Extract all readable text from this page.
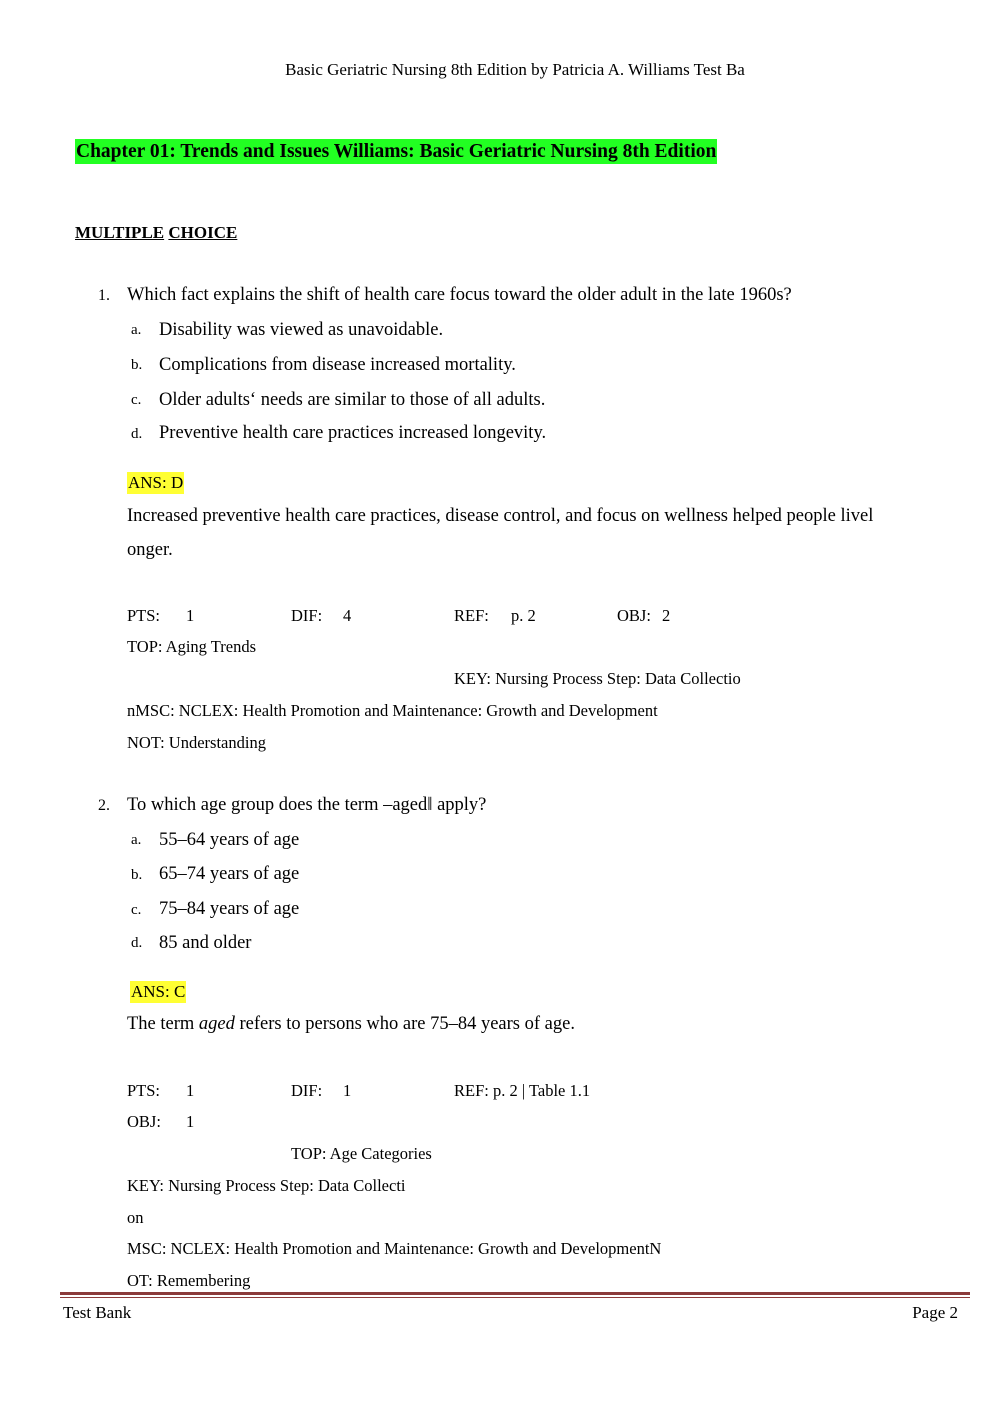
Basic Geriatric Nursing 8th Edition by Patricia A. Williams Test Ba
Chapter 01: Trends and Issues Williams: Basic Geriatric Nursing 8th Edition
MULTIPLE CHOICE
1. Which fact explains the shift of health care focus toward the older adult in the late 1960s?
a. Disability was viewed as unavoidable.
b. Complications from disease increased mortality.
c. Older adults‘ needs are similar to those of all adults.
d. Preventive health care practices increased longevity.
ANS: D
Increased preventive health care practices, disease control, and focus on wellness helped people livel
onger.
PTS: 1	DIF: 4	REF: p. 2	OBJ: 2
TOP: Aging Trends
KEY: Nursing Process Step: Data Collectio
nMSC: NCLEX: Health Promotion and Maintenance: Growth and Development
NOT: Understanding
2. To which age group does the term ‒aged‖ apply?
a. 55–64 years of age
b. 65–74 years of age
c. 75–84 years of age
d. 85 and older
ANS: C
The term aged refers to persons who are 75–84 years of age.
PTS: 1	DIF: 1	REF: p. 2 | Table 1.1
OBJ: 1
TOP: Age Categories
KEY: Nursing Process Step: Data Collecti
on
MSC: NCLEX: Health Promotion and Maintenance: Growth and DevelopmentN
OT: Remembering
Test Bank	Page 2
